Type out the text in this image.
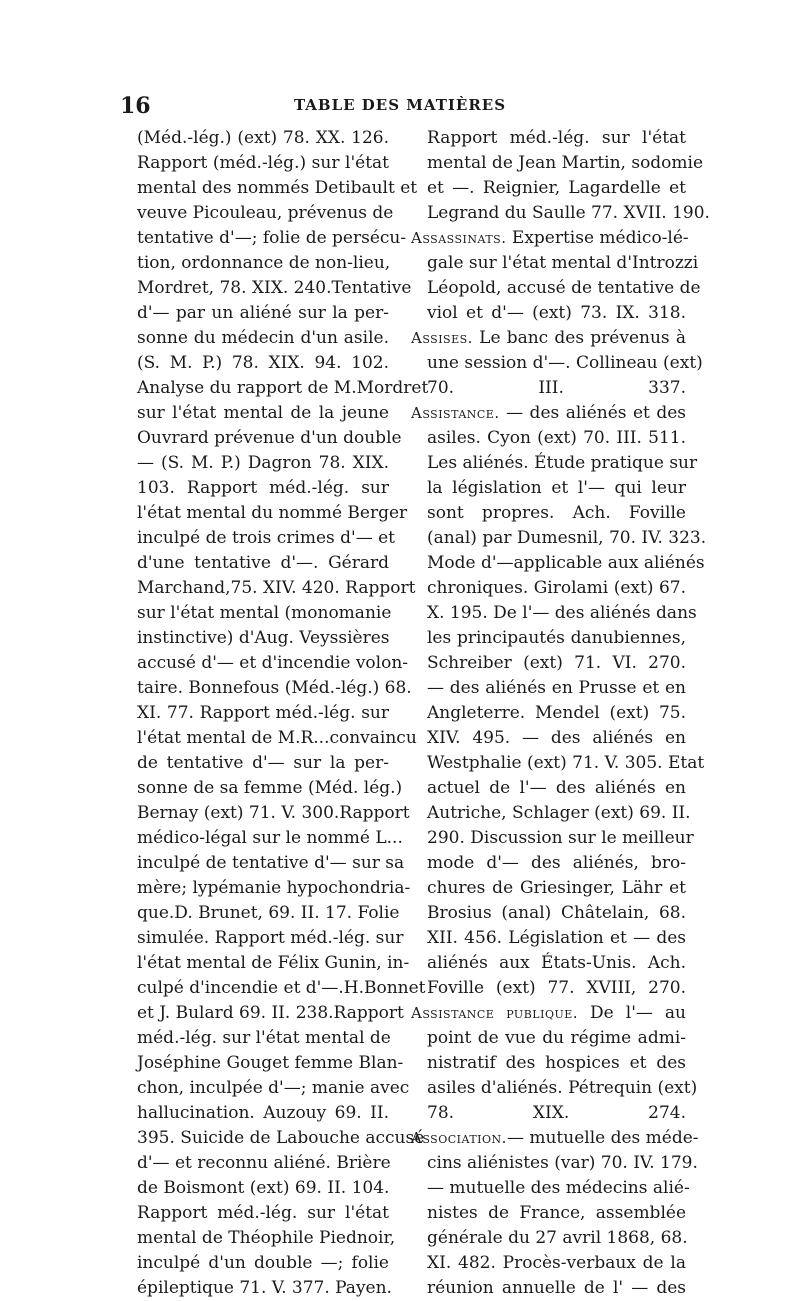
16	TABLE DES MATIÈRES
(Méd.-lég.) (ext) 78. XX. 126.
Rapport (méd.-lég.) sur l'état
mental des nommés Detibault et
veuve Picouleau, prévenus de
tentative d'—; folie de persécu-
tion, ordonnance de non-lieu,
Mordret, 78. XIX. 240.Tentative
d'— par un aliéné sur la per-
sonne du médecin d'un asile.
(S. M. P.) 78. XIX. 94. 102.
Analyse du rapport de M.Mordret
sur l'état mental de la jeune
Ouvrard prévenue d'un double
— (S. M. P.) Dagron 78. XIX.
103. Rapport méd.-lég. sur
l'état mental du nommé Berger
inculpé de trois crimes d'— et
d'une tentative d'—. Gérard
Marchand,75. XIV. 420. Rapport
sur l'état mental (monomanie
instinctive) d'Aug. Veyssières
accusé d'— et d'incendie volon-
taire. Bonnefous (Méd.-lég.) 68.
XI. 77. Rapport méd.-lég. sur
l'état mental de M.R...convaincu
de tentative d'— sur la per-
sonne de sa femme (Méd. lég.)
Bernay (ext) 71. V. 300.Rapport
médico-légal sur le nommé L...
inculpé de tentative d'— sur sa
mère; lypémanie hypochondria-
que.D. Brunet, 69. II. 17. Folie
simulée. Rapport méd.-lég. sur
l'état mental de Félix Gunin, in-
culpé d'incendie et d'—.H.Bonnet
et J. Bulard 69. II. 238.Rapport
méd.-lég. sur l'état mental de
Joséphine Gouget femme Blan-
chon, inculpée d'—; manie avec
hallucination. Auzouy 69. II.
395. Suicide de Labouche accusé
d'— et reconnu aliéné. Brière
de Boismont (ext) 69. II. 104.
Rapport méd.-lég. sur l'état
mental de Théophile Piednoir,
inculpé d'un double —; folie
épileptique 71. V. 377. Payen.
Rapport méd.-lég. sur l'état
mental de Jean Martin, sodomie
et —. Reignier, Lagardelle et
Legrand du Saulle 77. XVII. 190.
Assassinats. Expertise médico-lé-
gale sur l'état mental d'Introzzi
Léopold, accusé de tentative de
viol et d'— (ext) 73. IX. 318.
Assises. Le banc des prévenus à
une session d'—. Collineau (ext)
70. III. 337.
Assistance. — des aliénés et des
asiles. Cyon (ext) 70. III. 511.
Les aliénés. Étude pratique sur
la législation et l'— qui leur
sont propres. Ach. Foville
(anal) par Dumesnil, 70. IV. 323.
Mode d'—applicable aux aliénés
chroniques. Girolami (ext) 67.
X. 195. De l'— des aliénés dans
les principautés danubiennes,
Schreiber (ext) 71. VI. 270.
— des aliénés en Prusse et en
Angleterre. Mendel (ext) 75.
XIV. 495. — des aliénés en
Westphalie (ext) 71. V. 305. Etat
actuel de l'— des aliénés en
Autriche, Schlager (ext) 69. II.
290. Discussion sur le meilleur
mode d'— des aliénés, bro-
chures de Griesinger, Lähr et
Brosius (anal) Châtelain, 68.
XII. 456. Législation et — des
aliénés aux États-Unis. Ach.
Foville (ext) 77. XVIII, 270.
Assistance publique. De l'— au
point de vue du régime admi-
nistratif des hospices et des
asiles d'aliénés. Pétrequin (ext)
78. XIX. 274.
Association.— mutuelle des méde-
cins aliénistes (var) 70. IV. 179.
— mutuelle des médecins alié-
nistes de France, assemblée
générale du 27 avril 1868, 68.
XI. 482. Procès-verbaux de la
réunion annuelle de l' — des
